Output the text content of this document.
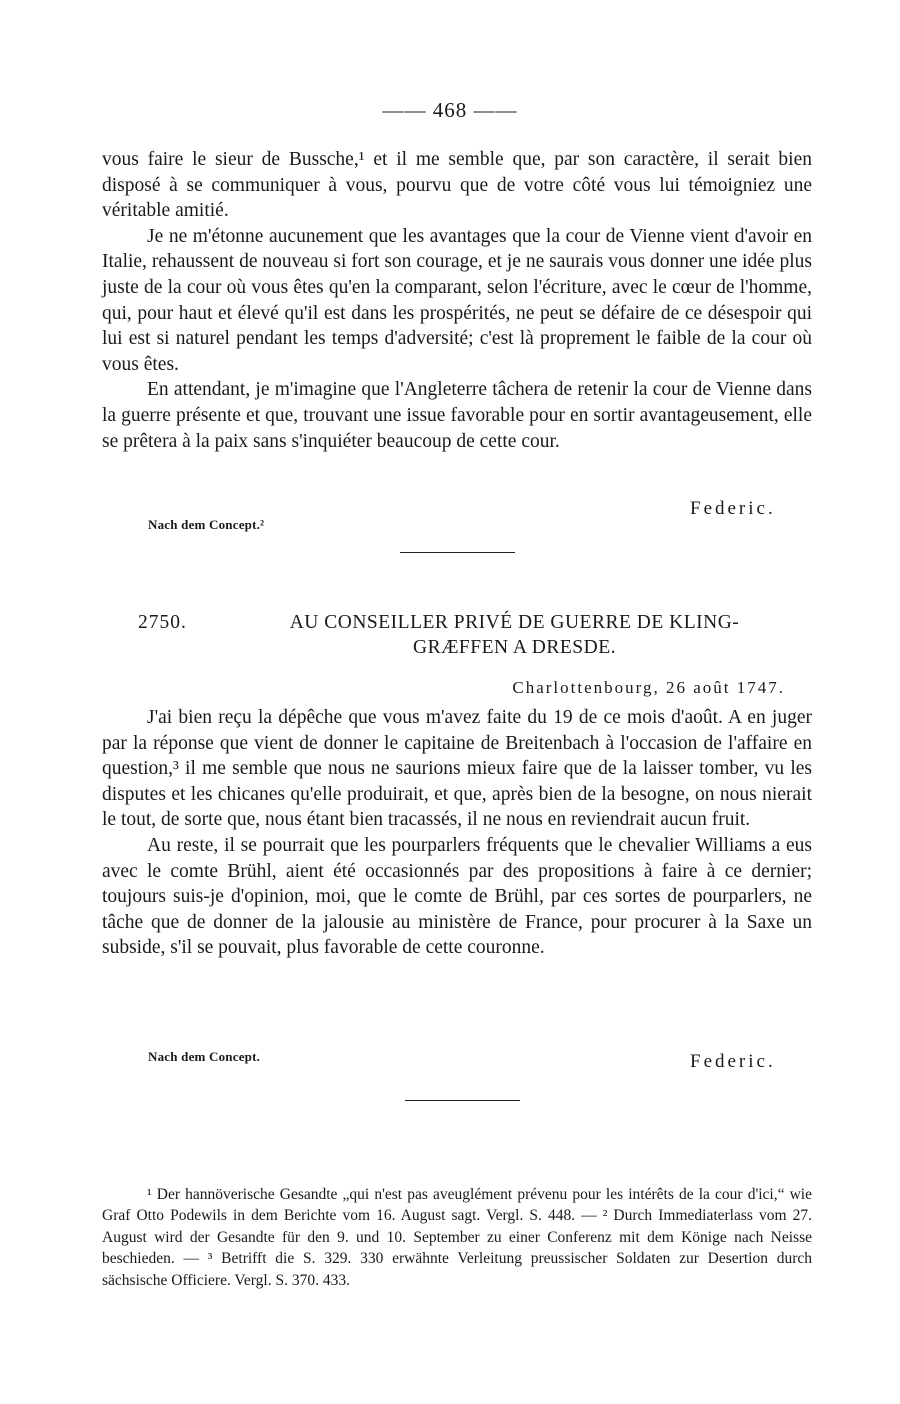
—— 468 ——

vous faire le sieur de Bussche,¹ et il me semble que, par son caractère, il serait bien disposé à se communiquer à vous, pourvu que de votre côté vous lui témoigniez une véritable amitié.

Je ne m'étonne aucunement que les avantages que la cour de Vienne vient d'avoir en Italie, rehaussent de nouveau si fort son courage, et je ne saurais vous donner une idée plus juste de la cour où vous êtes qu'en la comparant, selon l'écriture, avec le cœur de l'homme, qui, pour haut et élevé qu'il est dans les prospérités, ne peut se défaire de ce désespoir qui lui est si naturel pendant les temps d'adversité; c'est là proprement le faible de la cour où vous êtes.

En attendant, je m'imagine que l'Angleterre tâchera de retenir la cour de Vienne dans la guerre présente et que, trouvant une issue favorable pour en sortir avantageusement, elle se prêtera à la paix sans s'inquiéter beaucoup de cette cour.

Federic.
Nach dem Concept.²
2750.	AU CONSEILLER PRIVÉ DE GUERRE DE KLING-
GRÆFFEN A DRESDE.
Charlottenbourg, 26 août 1747.

J'ai bien reçu la dépêche que vous m'avez faite du 19 de ce mois d'août. A en juger par la réponse que vient de donner le capitaine de Breitenbach à l'occasion de l'affaire en question,³ il me semble que nous ne saurions mieux faire que de la laisser tomber, vu les disputes et les chicanes qu'elle produirait, et que, après bien de la besogne, on nous nierait le tout, de sorte que, nous étant bien tracassés, il ne nous en reviendrait aucun fruit.

Au reste, il se pourrait que les pourparlers fréquents que le chevalier Williams a eus avec le comte Brühl, aient été occasionnés par des propositions à faire à ce dernier; toujours suis-je d'opinion, moi, que le comte de Brühl, par ces sortes de pourparlers, ne tâche que de donner de la jalousie au ministère de France, pour procurer à la Saxe un subside, s'il se pouvait, plus favorable de cette couronne.

Nach dem Concept.	Federic.

¹ Der hannöverische Gesandte „qui n'est pas aveuglément prévenu pour les intérêts de la cour d'ici,“ wie Graf Otto Podewils in dem Berichte vom 16. August sagt. Vergl. S. 448. — ² Durch Immediaterlass vom 27. August wird der Gesandte für den 9. und 10. September zu einer Conferenz mit dem Könige nach Neisse beschieden. — ³ Betrifft die S. 329. 330 erwähnte Verleitung preussischer Soldaten zur Desertion durch sächsische Officiere. Vergl. S. 370. 433.
